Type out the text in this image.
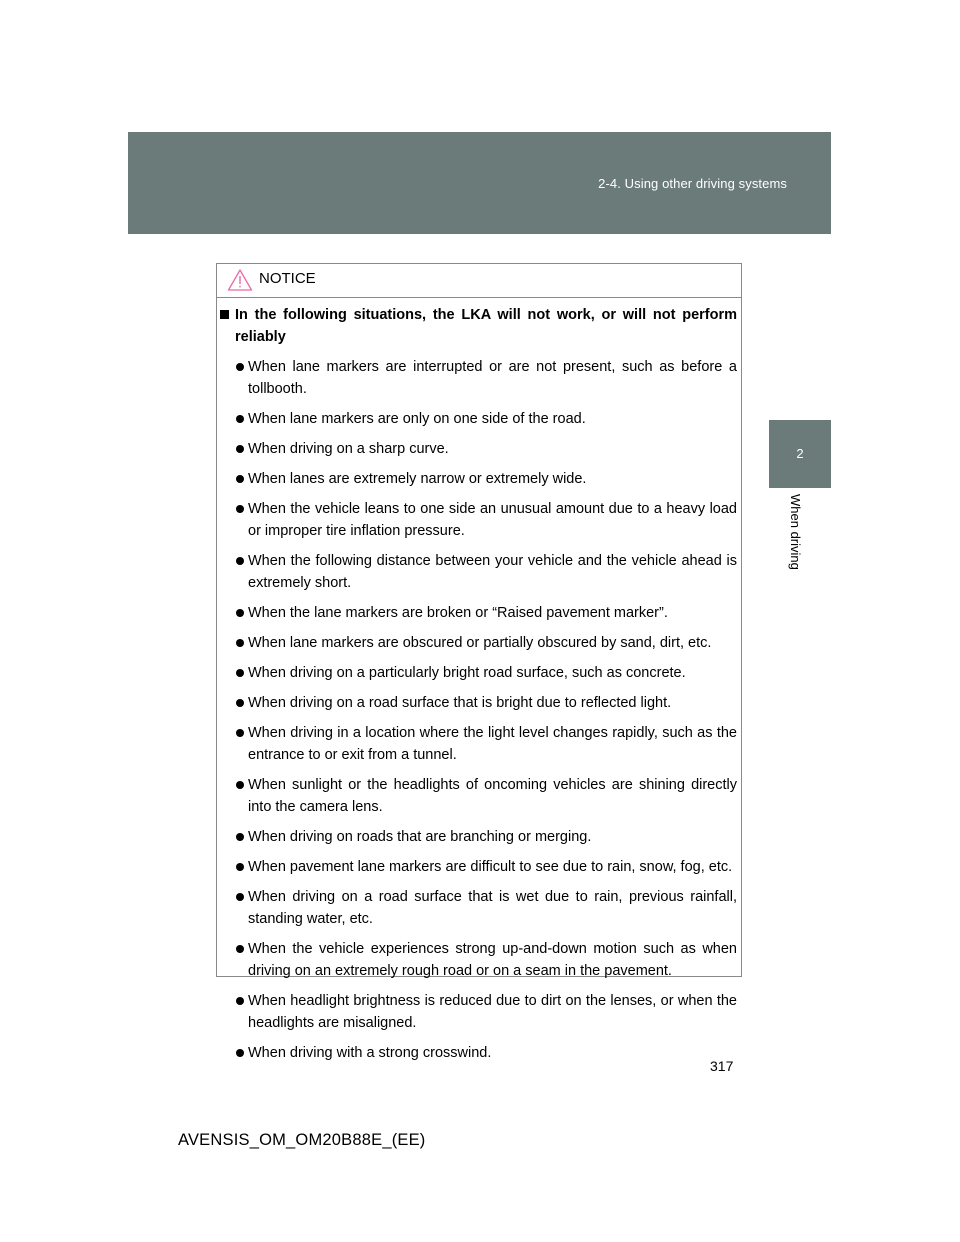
2-4. Using other driving systems
2
When driving
NOTICE
In the following situations, the LKA will not work, or will not perform reliably
When lane markers are interrupted or are not present, such as before a tollbooth.
When lane markers are only on one side of the road.
When driving on a sharp curve.
When lanes are extremely narrow or extremely wide.
When the vehicle leans to one side an unusual amount due to a heavy load or improper tire inflation pressure.
When the following distance between your vehicle and the vehicle ahead is extremely short.
When the lane markers are broken or “Raised pavement marker”.
When lane markers are obscured or partially obscured by sand, dirt, etc.
When driving on a particularly bright road surface, such as concrete.
When driving on a road surface that is bright due to reflected light.
When driving in a location where the light level changes rapidly, such as the entrance to or exit from a tunnel.
When sunlight or the headlights of oncoming vehicles are shining directly into the camera lens.
When driving on roads that are branching or merging.
When pavement lane markers are difficult to see due to rain, snow, fog, etc.
When driving on a road surface that is wet due to rain, previous rainfall, standing water, etc.
When the vehicle experiences strong up-and-down motion such as when driving on an extremely rough road or on a seam in the pavement.
When headlight brightness is reduced due to dirt on the lenses, or when the headlights are misaligned.
When driving with a strong crosswind.
317
AVENSIS_OM_OM20B88E_(EE)
